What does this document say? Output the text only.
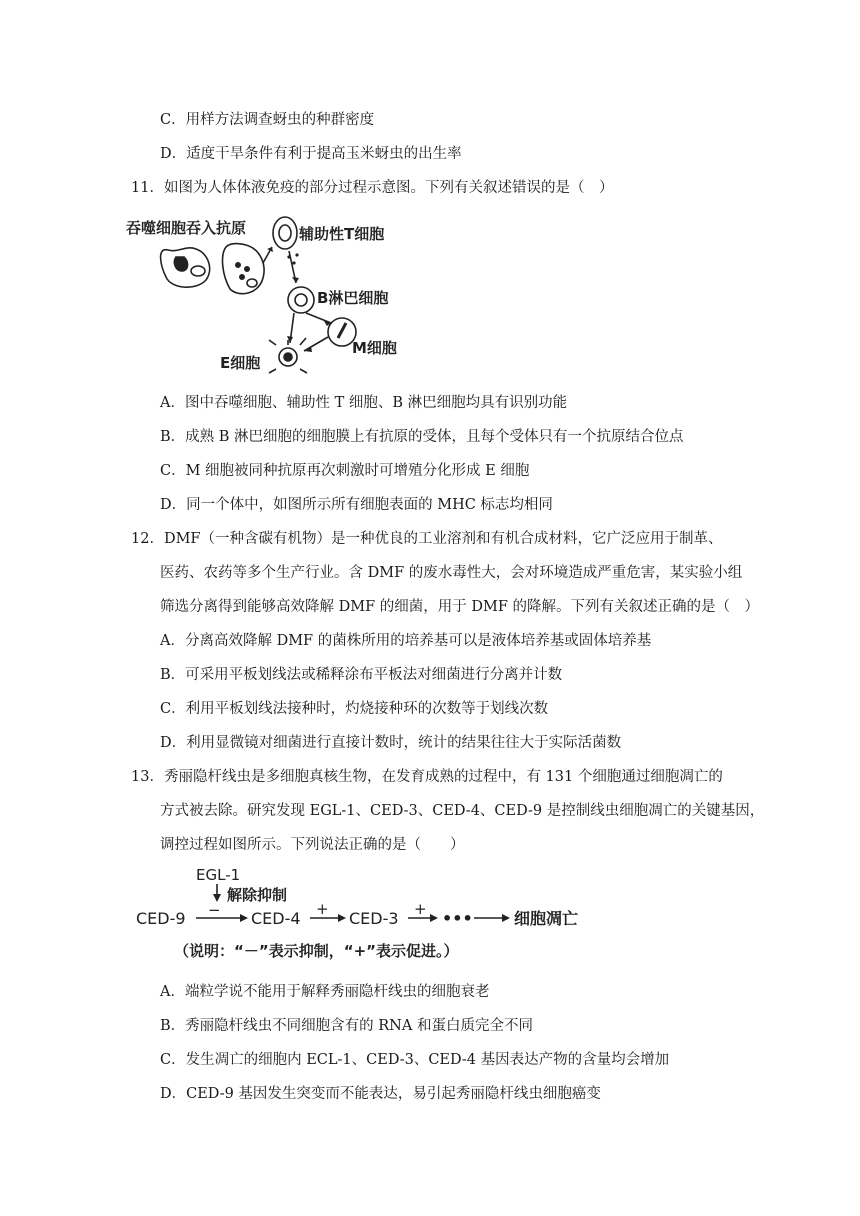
C．用样方法调查蚜虫的种群密度
D．适度干旱条件有利于提高玉米蚜虫的出生率
11．如图为人体体液免疫的部分过程示意图。下列有关叙述错误的是（　）
吞噬细胞吞入抗原	辅助性T细胞
B淋巴细胞
M细胞
E细胞
A．图中吞噬细胞、辅助性 T 细胞、B 淋巴细胞均具有识别功能
B．成熟 B 淋巴细胞的细胞膜上有抗原的受体，且每个受体只有一个抗原结合位点
C．M 细胞被同种抗原再次刺激时可增殖分化形成 E 细胞
D．同一个体中，如图所示所有细胞表面的 MHC 标志均相同
12．DMF（一种含碳有机物）是一种优良的工业溶剂和有机合成材料，它广泛应用于制革、
医药、农药等多个生产行业。含 DMF 的废水毒性大，会对环境造成严重危害，某实验小组
筛选分离得到能够高效降解 DMF 的细菌，用于 DMF 的降解。下列有关叙述正确的是（　）
A．分离高效降解 DMF 的菌株所用的培养基可以是液体培养基或固体培养基
B．可采用平板划线法或稀释涂布平板法对细菌进行分离并计数
C．利用平板划线法接种时，灼烧接种环的次数等于划线次数
D．利用显微镜对细菌进行直接计数时，统计的结果往往大于实际活菌数
13．秀丽隐杆线虫是多细胞真核生物，在发育成熟的过程中，有 131 个细胞通过细胞凋亡的
方式被去除。研究发现 EGL-1、CED-3、CED-4、CED-9 是控制线虫细胞凋亡的关键基因，
调控过程如图所示。下列说法正确的是（　　）
EGL-1
解除抑制
CED-9 − CED-4 + CED-3 + •••	细胞凋亡
（说明：“－”表示抑制，“+”表示促进。）
A．端粒学说不能用于解释秀丽隐杆线虫的细胞衰老
B．秀丽隐杆线虫不同细胞含有的 RNA 和蛋白质完全不同
C．发生凋亡的细胞内 ECL-1、CED-3、CED-4 基因表达产物的含量均会增加
D．CED-9 基因发生突变而不能表达，易引起秀丽隐杆线虫细胞癌变
